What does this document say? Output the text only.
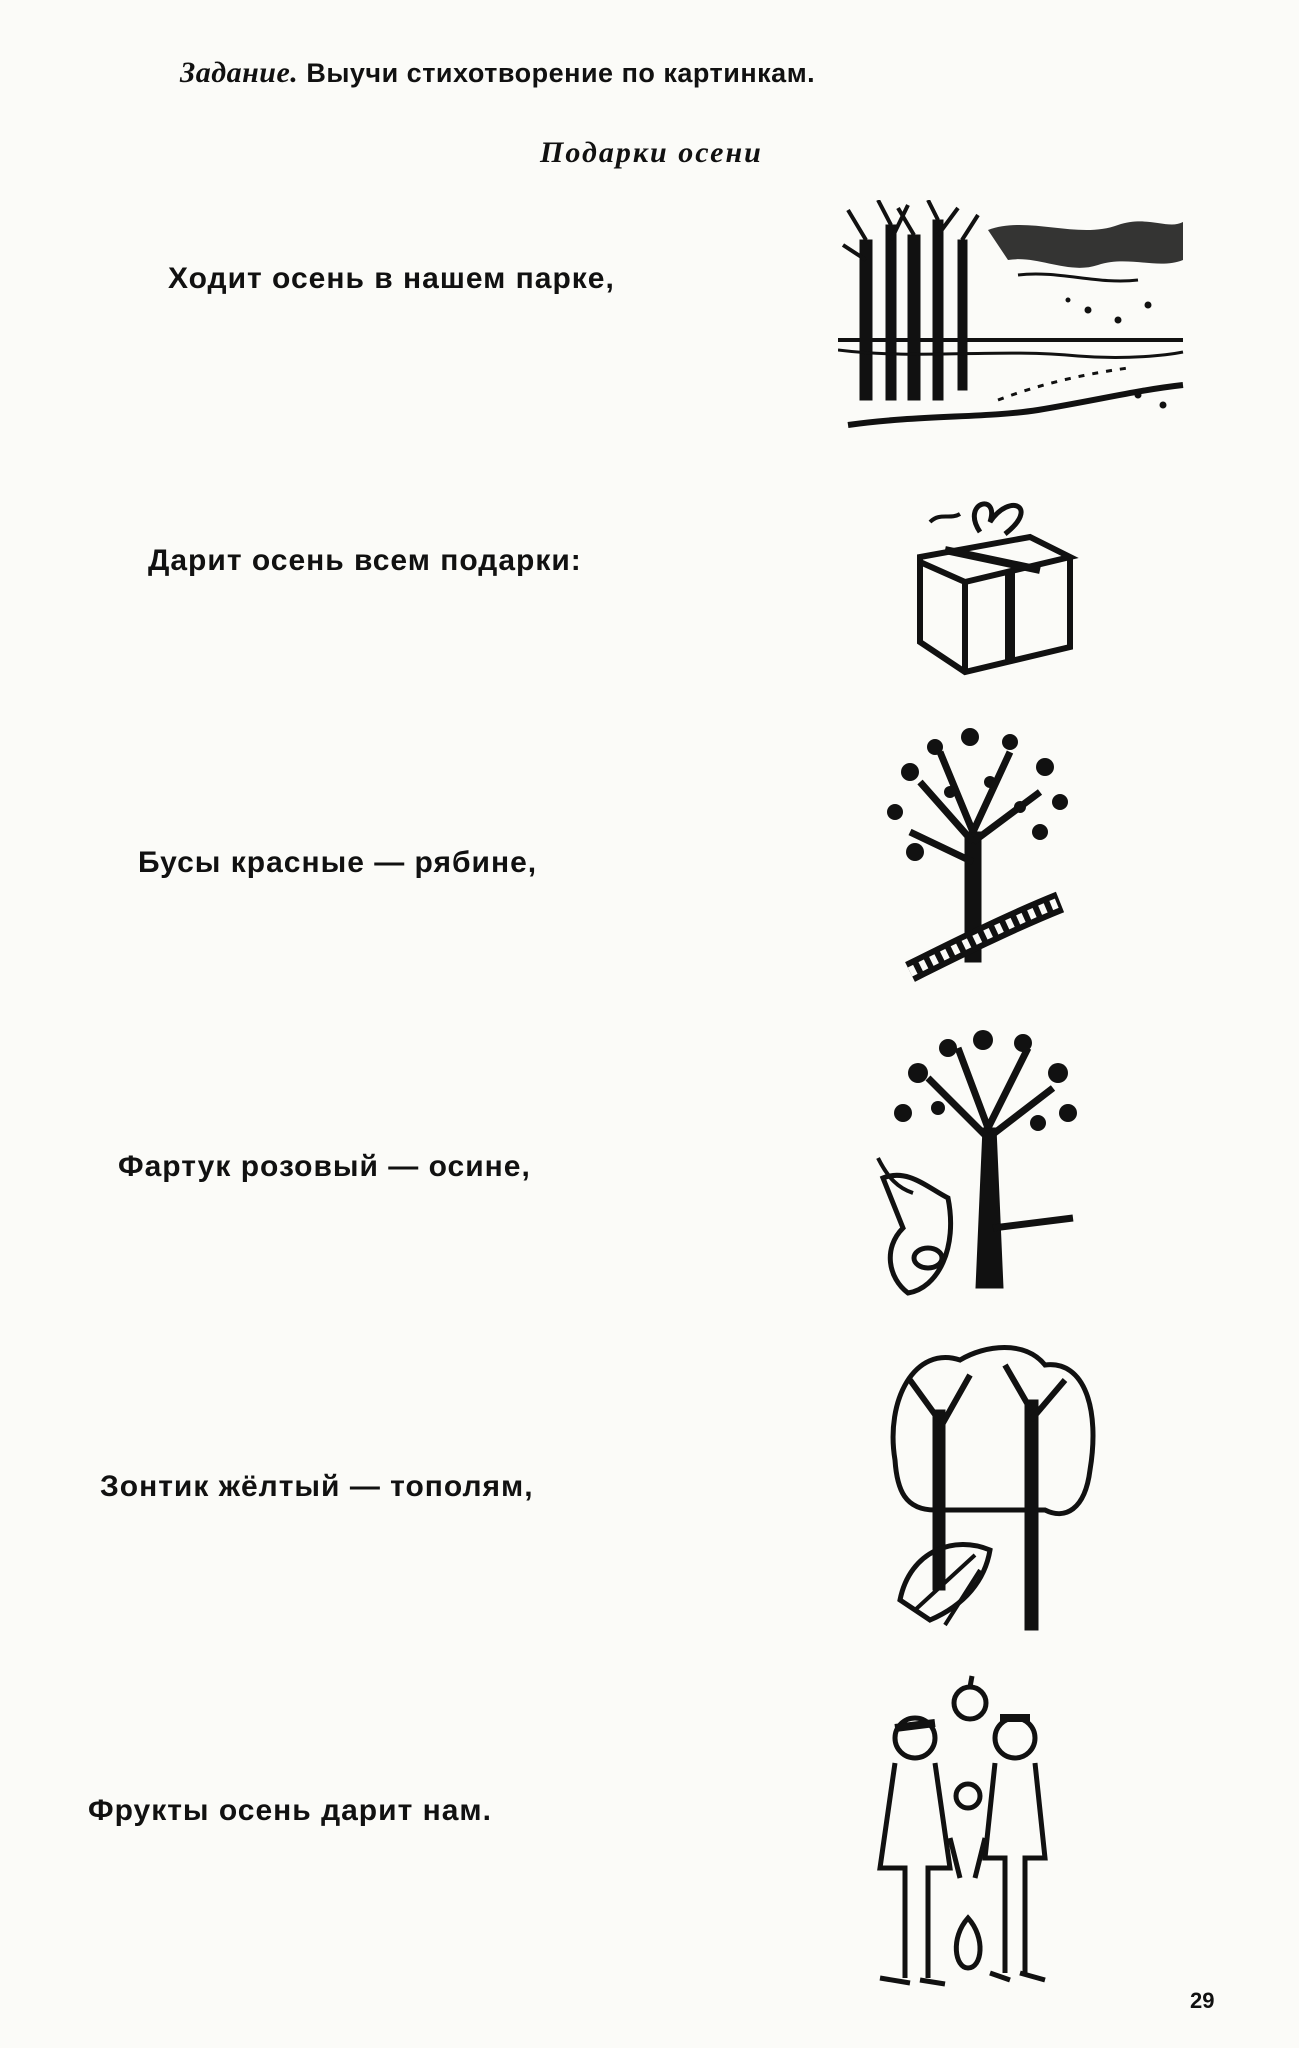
Задание. Выучи стихотворение по картинкам.
Подарки осени
Ходит осень в нашем парке,
Дарит осень всем подарки:
Бусы красные — рябине,
Фартук розовый — осине,
Зонтик жёлтый — тополям,
Фрукты осень дарит нам.
29
